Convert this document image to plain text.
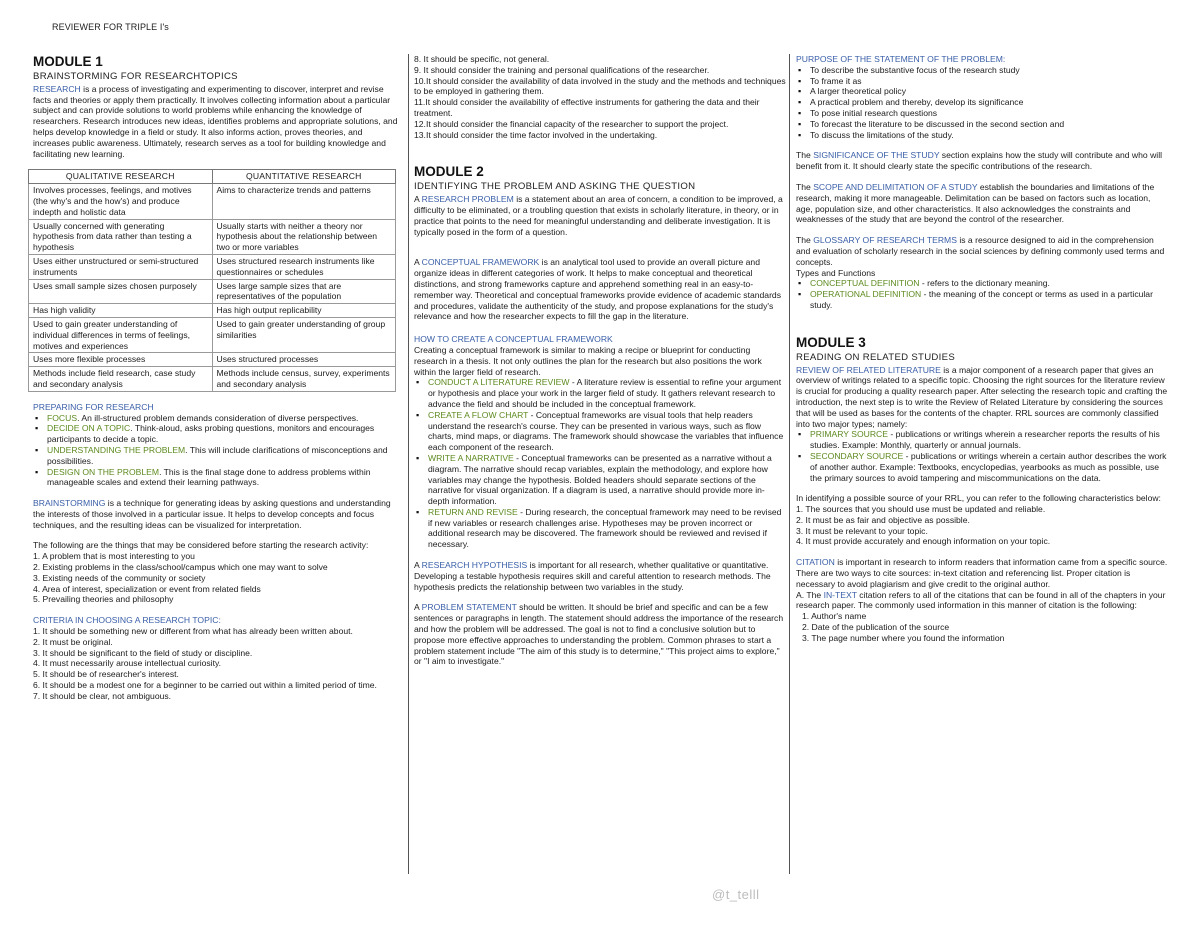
REVIEWER FOR TRIPLE I's
MODULE 1
BRAINSTORMING FOR RESEARCHTOPICS

RESEARCH is a process of investigating and experimenting to discover, interpret and revise facts and theories or apply them practically. It involves collecting information about a particular subject and can provide solutions to world problems while enhancing the knowledge of researchers. Research introduces new ideas, identifies problems and appropriate solutions, and helps develop knowledge in a field or study. It also informs action, proves theories, and increases public awareness. Ultimately, research serves as a tool for building knowledge and facilitating new learning.

QUALITATIVE RESEARCH	QUANTITATIVE RESEARCH
Involves processes, feelings, and motives (the why's and the how's) and produce indepth and holistic data	Aims to characterize trends and patterns
Usually concerned with generating hypothesis from data rather than testing a hypothesis	Usually starts with neither a theory nor hypothesis about the relationship between two or more variables
Uses either unstructured or semi-structured instruments	Uses structured research instruments like questionnaires or schedules
Uses small sample sizes chosen purposely	Uses large sample sizes that are representatives of the population
Has high validity	Has high output replicability
Used to gain greater understanding of individual differences in terms of feelings, motives and experiences	Used to gain greater understanding of group similarities
Uses more flexible processes	Uses structured processes
Methods include field research, case study and secondary analysis	Methods include census, survey, experiments and secondary analysis
PREPARING FOR RESEARCH
▪ FOCUS. An ill-structured problem demands consideration of diverse perspectives.
▪ DECIDE ON A TOPIC. Think-aloud, asks probing questions, monitors and encourages participants to decide a topic.
▪ UNDERSTANDING THE PROBLEM. This will include clarifications of misconceptions and possibilities.
▪ DESIGN ON THE PROBLEM. This is the final stage done to address problems within manageable scales and extend their learning pathways.

BRAINSTORMING is a technique for generating ideas by asking questions and understanding the interests of those involved in a particular issue. It helps to develop concepts and focus techniques, and the resulting ideas can be visualized for interpretation.

The following are the things that may be considered before starting the research activity:
1. A problem that is most interesting to you
2. Existing problems in the class/school/campus which one may want to solve
3. Existing needs of the community or society
4. Area of interest, specialization or event from related fields
5. Prevailing theories and philosophy
CRITERIA IN CHOOSING A RESEARCH TOPIC:
1. It should be something new or different from what has already been written about.
2. It must be original.
3. It should be significant to the field of study or discipline.
4. It must necessarily arouse intellectual curiosity.
5. It should be of researcher's interest.
6. It should be a modest one for a beginner to be carried out within a limited period of time.
7. It should be clear, not ambiguous.
8. It should be specific, not general.
9. It should consider the training and personal qualifications of the researcher.
10.It should consider the availability of data involved in the study and the methods and techniques to be employed in gathering them.
11.It should consider the availability of effective instruments for gathering the data and their treatment.
12.It should consider the financial capacity of the researcher to support the project.
13.It should consider the time factor involved in the undertaking.
MODULE 2
IDENTIFYING THE PROBLEM AND ASKING THE QUESTION

A RESEARCH PROBLEM is a statement about an area of concern, a condition to be improved, a difficulty to be eliminated, or a troubling question that exists in scholarly literature, in theory, or in practice that points to the need for meaningful understanding and deliberate investigation. It is typically posed in the form of a question.

A CONCEPTUAL FRAMEWORK is an analytical tool used to provide an overall picture and organize ideas in different categories of work. It helps to make conceptual and theoretical distinctions, and strong frameworks capture and apprehend something real in an easy-to-remember way. Theoretical and conceptual frameworks provide evidence of academic standards and procedures, validate the authenticity of the study, and propose explanations for the study's relevance and how the researcher expects to fill the gap in the literature.

HOW TO CREATE A CONCEPTUAL FRAMEWORK
Creating a conceptual framework is similar to making a recipe or blueprint for conducting research in a thesis. It not only outlines the plan for the research but also positions the work within the larger field of research.
▪ CONDUCT A LITERATURE REVIEW - A literature review is essential to refine your argument or hypothesis and place your work in the larger field of study. It gathers relevant research to advance the field and should be included in the conceptual framework.
▪ CREATE A FLOW CHART - Conceptual frameworks are visual tools that help readers understand the research's course. They can be presented in various ways, such as flow charts, mind maps, or diagrams. The framework should showcase the variables that influence each component of the research.
▪ WRITE A NARRATIVE - Conceptual frameworks can be presented as a narrative without a diagram. The narrative should recap variables, explain the methodology, and explore how variables may change the hypothesis. Bolded headers should separate sections of the narrative for visual organization. If a diagram is used, a narrative should provide more in-depth information.
▪ RETURN AND REVISE - During research, the conceptual framework may need to be revised if new variables or research challenges arise. Hypotheses may be proven incorrect or additional research may be discovered. The framework should be reviewed and revised if necessary.

A RESEARCH HYPOTHESIS is important for all research, whether qualitative or quantitative. Developing a testable hypothesis requires skill and careful attention to research methods. The hypothesis predicts the relationship between two variables in the study.

A PROBLEM STATEMENT should be written. It should be brief and specific and can be a few sentences or paragraphs in length. The statement should address the importance of the research and how the problem will be addressed. The goal is not to find a conclusive solution but to propose more effective approaches to understanding the problem. Common phrases to start a problem statement include "The aim of this study is to determine," "This project aims to explore," or "I aim to investigate."

PURPOSE OF THE STATEMENT OF THE PROBLEM:
▪ To describe the substantive focus of the research study
▪ To frame it as
▪ A larger theoretical policy
▪ A practical problem and thereby, develop its significance
▪ To pose initial research questions
▪ To forecast the literature to be discussed in the second section and
▪ To discuss the limitations of the study.

The SIGNIFICANCE OF THE STUDY section explains how the study will contribute and who will benefit from it. It should clearly state the specific contributions of the research.

The SCOPE AND DELIMITATION OF A STUDY establish the boundaries and limitations of the research, making it more manageable. Delimitation can be based on factors such as location, age, population size, and other characteristics. It also acknowledges the constraints and weaknesses of the study that are beyond the control of the researcher.

The GLOSSARY OF RESEARCH TERMS is a resource designed to aid in the comprehension and evaluation of scholarly research in the social sciences by defining commonly used terms and concepts.

Types and Functions
▪ CONCEPTUAL DEFINITION - refers to the dictionary meaning.
▪ OPERATIONAL DEFINITION - the meaning of the concept or terms as used in a particular study.
MODULE 3
READING ON RELATED STUDIES
REVIEW OF RELATED LITERATURE is a major component of a research paper that gives an overview of writings related to a specific topic. Choosing the right sources for the literature review is crucial for producing a quality research paper. After selecting the research topic and crafting the introduction, the next step is to write the Review of Related Literature by considering the sources that will be used as bases for the contents of the chapter. RRL sources are commonly classified into two major types; namely:
▪ PRIMARY SOURCE - publications or writings wherein a researcher reports the results of his studies. Example: Monthly, quarterly or annual journals.
▪ SECONDARY SOURCE - publications or writings wherein a certain author describes the work of another author. Example: Textbooks, encyclopedias, yearbooks as much as possible, use the primary sources to avoid tampering and miscommunications on the data.
In identifying a possible source of your RRL, you can refer to the following characteristics below:
1. The sources that you should use must be updated and reliable.
2. It must be as fair and objective as possible.
3. It must be relevant to your topic.
4. It must provide accurately and enough information on your topic.
CITATION is important in research to inform readers that information came from a specific source. There are two ways to cite sources: in-text citation and referencing list. Proper citation is necessary to avoid plagiarism and give credit to the original author.
A. The IN-TEXT citation refers to all of the citations that can be found in all of the chapters in your research paper. The commonly used information in this manner of citation is the following:
1. Author's name
2. Date of the publication of the source
3. The page number where you found the information
@t_telll
